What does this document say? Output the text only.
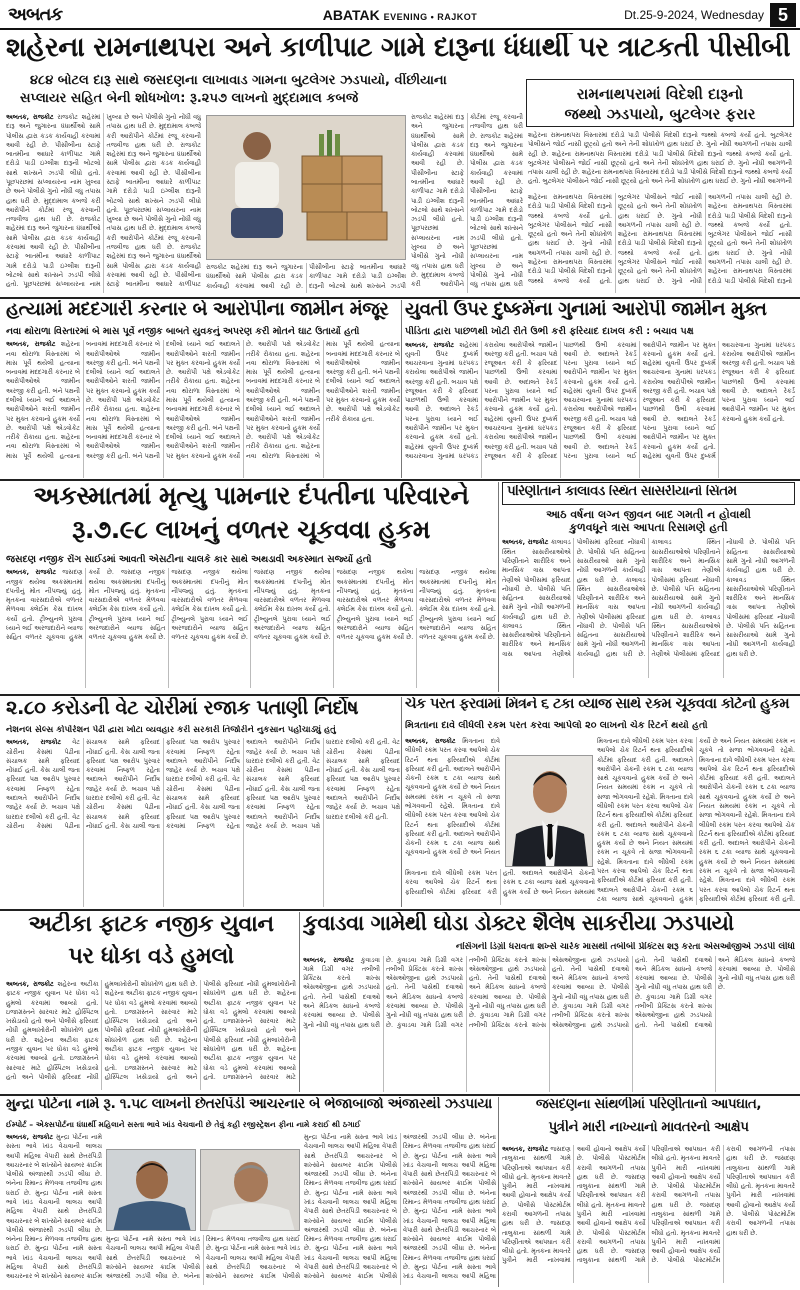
અબતક	ABATAK EVENING • RAJKOT	Dt.25-9-2024, Wednesday 5
શહેરના રામનાથપરા અને કાળીપાટ ગામે દારૂના ધંધાર્થી પર ત્રાટકતી પીસીબી
૪૮૪ બોટલ દારૂ સાથે જસદણના લાખાવાડ ગામના બુટલેગર ઝડપાયો, વીંછીયાના
સપ્લાયર સહિત બેની શોધખોળ: રૂ.૨૫૭ લાખનો મુદ્દામાલ કબજે
અબતક, રાજકોટ રાજકોટ શહેરમાં દારૂ અને જુગારના ધંધાર્થીઓ સામે પોલીસ દ્વારા કડક કાર્યવાહી કરવામાં આવી રહી છે. પીસીબીના સ્ટાફે બાતમીના આધારે કાળીપાટ ગામે દરોડો પાડી ઇંગ્લીશ દારૂની બોટલો સાથે શખ્સને ઝડપી લીધો હતો. પૂછપરછમાં સપ્લાયરના નામ ખુલ્યા છે અને પોલીસે ગુનો નોંધી વધુ તપાસ હાથ ધરી છે. મુદ્દામાલ કબજે કરી આરોપીને કોર્ટમાં રજૂ કરવાની તજવીજ હાથ ધરી છે. રાજકોટ શહેરમાં દારૂ અને જુગારના ધંધાર્થીઓ સામે પોલીસ દ્વારા કડક કાર્યવાહી કરવામાં આવી રહી છે. પીસીબીના સ્ટાફે બાતમીના આધારે કાળીપાટ ગામે દરોડો પાડી ઇંગ્લીશ દારૂની બોટલો સાથે શખ્સને ઝડપી લીધો હતો. પૂછપરછમાં સપ્લાયરના નામ ખુલ્યા છે અને પોલીસે ગુનો નોંધી વધુ તપાસ હાથ ધરી છે. મુદ્દામાલ કબજે કરી આરોપીને કોર્ટમાં રજૂ કરવાની તજવીજ હાથ ધરી છે. રાજકોટ શહેરમાં દારૂ અને જુગારના ધંધાર્થીઓ સામે પોલીસ દ્વારા કડક કાર્યવાહી કરવામાં આવી રહી છે. પીસીબીના સ્ટાફે બાતમીના આધારે કાળીપાટ ગામે દરોડો પાડી ઇંગ્લીશ દારૂની બોટલો સાથે શખ્સને ઝડપી લીધો હતો. પૂછપરછમાં સપ્લાયરના નામ ખુલ્યા છે અને પોલીસે ગુનો નોંધી વધુ તપાસ હાથ ધરી છે. મુદ્દામાલ કબજે કરી આરોપીને કોર્ટમાં રજૂ કરવાની તજવીજ હાથ ધરી છે. રાજકોટ શહેરમાં દારૂ અને જુગારના ધંધાર્થીઓ સામે પોલીસ દ્વારા કડક કાર્યવાહી કરવામાં આવી રહી છે. પીસીબીના સ્ટાફે બાતમીના આધારે કાળીપાટ
રાજકોટ શહેરમાં દારૂ અને જુગારના ધંધાર્થીઓ સામે પોલીસ દ્વારા કડક કાર્યવાહી કરવામાં આવી રહી છે. પીસીબીના સ્ટાફે બાતમીના આધારે કાળીપાટ ગામે દરોડો પાડી ઇંગ્લીશ દારૂની બોટલો સાથે શખ્સને ઝડપી
રાજકોટ શહેરમાં દારૂ અને જુગારના ધંધાર્થીઓ સામે પોલીસ દ્વારા કડક કાર્યવાહી કરવામાં આવી રહી છે. પીસીબીના સ્ટાફે બાતમીના આધારે કાળીપાટ ગામે દરોડો પાડી ઇંગ્લીશ દારૂની બોટલો સાથે શખ્સને ઝડપી લીધો હતો. પૂછપરછમાં સપ્લાયરના નામ ખુલ્યા છે અને પોલીસે ગુનો નોંધી વધુ તપાસ હાથ ધરી છે. મુદ્દામાલ કબજે કરી આરોપીને કોર્ટમાં રજૂ કરવાની તજવીજ હાથ ધરી છે. રાજકોટ શહેરમાં દારૂ અને જુગારના ધંધાર્થીઓ સામે પોલીસ દ્વારા કડક કાર્યવાહી કરવામાં આવી રહી છે. પીસીબીના સ્ટાફે બાતમીના આધારે કાળીપાટ ગામે દરોડો પાડી ઇંગ્લીશ દારૂની બોટલો સાથે શખ્સને ઝડપી લીધો હતો. પૂછપરછમાં સપ્લાયરના નામ ખુલ્યા છે અને પોલીસે ગુનો નોંધી વધુ તપાસ હાથ ધરી
રામનાથપરામાં વિદેશી દારૂનો
જથ્થો ઝડપાયો, બુટલેગર ફરાર
શહેરના રામનાથપરા વિસ્તારમાં દરોડો પાડી પોલીસે વિદેશી દારૂનો જથ્થો કબજે કર્યો હતો. બુટલેગર પોલીસને જોઈ નાસી છૂટ્યો હતો અને તેની શોધખોળ હાથ ધરાઈ છે. ગુનો નોંધી આગળની તપાસ ચાલી રહી છે. શહેરના રામનાથપરા વિસ્તારમાં દરોડો પાડી પોલીસે વિદેશી દારૂનો જથ્થો કબજે કર્યો હતો. બુટલેગર પોલીસને જોઈ નાસી છૂટ્યો હતો અને તેની શોધખોળ હાથ ધરાઈ છે. ગુનો નોંધી આગળની તપાસ ચાલી રહી છે. શહેરના રામનાથપરા વિસ્તારમાં દરોડો પાડી પોલીસે વિદેશી દારૂનો જથ્થો કબજે કર્યો હતો. બુટલેગર પોલીસને જોઈ નાસી છૂટ્યો હતો અને તેની શોધખોળ હાથ ધરાઈ છે. ગુનો નોંધી આગળની
શહેરના રામનાથપરા વિસ્તારમાં દરોડો પાડી પોલીસે વિદેશી દારૂનો જથ્થો કબજે કર્યો હતો. બુટલેગર પોલીસને જોઈ નાસી છૂટ્યો હતો અને તેની શોધખોળ હાથ ધરાઈ છે. ગુનો નોંધી આગળની તપાસ ચાલી રહી છે. શહેરના રામનાથપરા વિસ્તારમાં દરોડો પાડી પોલીસે વિદેશી દારૂનો જથ્થો કબજે કર્યો હતો. બુટલેગર પોલીસને જોઈ નાસી છૂટ્યો હતો અને તેની શોધખોળ હાથ ધરાઈ છે. ગુનો નોંધી આગળની તપાસ ચાલી રહી છે. શહેરના રામનાથપરા વિસ્તારમાં દરોડો પાડી પોલીસે વિદેશી દારૂનો જથ્થો કબજે કર્યો હતો. બુટલેગર પોલીસને જોઈ નાસી છૂટ્યો હતો અને તેની શોધખોળ હાથ ધરાઈ છે. ગુનો નોંધી આગળની તપાસ ચાલી રહી છે. શહેરના રામનાથપરા વિસ્તારમાં દરોડો પાડી પોલીસે વિદેશી દારૂનો જથ્થો કબજે કર્યો હતો. બુટલેગર પોલીસને જોઈ નાસી છૂટ્યો હતો અને તેની શોધખોળ હાથ ધરાઈ છે. ગુનો નોંધી આગળની તપાસ ચાલી રહી છે. શહેરના રામનાથપરા વિસ્તારમાં દરોડો પાડી પોલીસે વિદેશી દારૂનો
હત્યામાં મદદગારી કરનાર બે આરોપીના જામીન મંજૂર
નવા થોરાળા વિસ્તારમાં બે માસ પૂર્વે નજીક બાબતે યુવકનું અપરણ કરી મોતને ઘાટ ઉતાર્યો હતો
અબતક, રાજકોટ શહેરના નવા થોરાળા વિસ્તારમાં બે માસ પૂર્વે થયેલી હત્યાના બનાવમાં મદદગારી કરનાર બે આરોપીઓએ જામીન અરજી કરી હતી. બંને પક્ષની દલીલો ધ્યાને લઈ અદાલતે આરોપીઓને શરતી જામીન પર મુક્ત કરવાનો હુકમ કર્યો છે. આરોપી પક્ષે એડવોકેટ તરીકે રોકાયા હતા. શહેરના નવા થોરાળા વિસ્તારમાં બે માસ પૂર્વે થયેલી હત્યાના બનાવમાં મદદગારી કરનાર બે આરોપીઓએ જામીન અરજી કરી હતી. બંને પક્ષની દલીલો ધ્યાને લઈ અદાલતે આરોપીઓને શરતી જામીન પર મુક્ત કરવાનો હુકમ કર્યો છે. આરોપી પક્ષે એડવોકેટ તરીકે રોકાયા હતા. શહેરના નવા થોરાળા વિસ્તારમાં બે માસ પૂર્વે થયેલી હત્યાના બનાવમાં મદદગારી કરનાર બે આરોપીઓએ જામીન અરજી કરી હતી. બંને પક્ષની દલીલો ધ્યાને લઈ અદાલતે આરોપીઓને શરતી જામીન પર મુક્ત કરવાનો હુકમ કર્યો છે. આરોપી પક્ષે એડવોકેટ તરીકે રોકાયા હતા. શહેરના નવા થોરાળા વિસ્તારમાં બે માસ પૂર્વે થયેલી હત્યાના બનાવમાં મદદગારી કરનાર બે આરોપીઓએ જામીન અરજી કરી હતી. બંને પક્ષની દલીલો ધ્યાને લઈ અદાલતે આરોપીઓને શરતી જામીન પર મુક્ત કરવાનો હુકમ કર્યો છે. આરોપી પક્ષે એડવોકેટ તરીકે રોકાયા હતા. શહેરના નવા થોરાળા વિસ્તારમાં બે માસ પૂર્વે થયેલી હત્યાના બનાવમાં મદદગારી કરનાર બે આરોપીઓએ જામીન અરજી કરી હતી. બંને પક્ષની દલીલો ધ્યાને લઈ અદાલતે આરોપીઓને શરતી જામીન પર મુક્ત કરવાનો હુકમ કર્યો છે. આરોપી પક્ષે એડવોકેટ તરીકે રોકાયા હતા. શહેરના નવા થોરાળા વિસ્તારમાં બે માસ પૂર્વે થયેલી હત્યાના બનાવમાં મદદગારી કરનાર બે આરોપીઓએ જામીન અરજી કરી હતી. બંને પક્ષની દલીલો ધ્યાને લઈ અદાલતે આરોપીઓને શરતી જામીન પર મુક્ત કરવાનો હુકમ કર્યો છે. આરોપી પક્ષે એડવોકેટ તરીકે રોકાયા હતા.
યુવતી ઉપર દુષ્કર્મના ગુનામાં આરોપી જામીન મુક્ત
પીડિતા દ્વારા પાછળથી ખોટી રીતે ઉભી કરી ફરિયાદ દાખલ કરી : બચાવ પક્ષ
અબતક, રાજકોટ શહેરમાં યુવતી ઉપર દુષ્કર્મ આચરવાના ગુનામાં ધરપકડ કરાયેલા આરોપીએ જામીન અરજી કરી હતી. બચાવ પક્ષે રજૂઆત કરી કે ફરિયાદ પાછળથી ઉભી કરવામાં આવી છે. અદાલતે રેકર્ડ પરના પુરાવા ધ્યાને લઈ આરોપીને જામીન પર મુક્ત કરવાનો હુકમ કર્યો હતો. શહેરમાં યુવતી ઉપર દુષ્કર્મ આચરવાના ગુનામાં ધરપકડ કરાયેલા આરોપીએ જામીન અરજી કરી હતી. બચાવ પક્ષે રજૂઆત કરી કે ફરિયાદ પાછળથી ઉભી કરવામાં આવી છે. અદાલતે રેકર્ડ પરના પુરાવા ધ્યાને લઈ આરોપીને જામીન પર મુક્ત કરવાનો હુકમ કર્યો હતો. શહેરમાં યુવતી ઉપર દુષ્કર્મ આચરવાના ગુનામાં ધરપકડ કરાયેલા આરોપીએ જામીન અરજી કરી હતી. બચાવ પક્ષે રજૂઆત કરી કે ફરિયાદ પાછળથી ઉભી કરવામાં આવી છે. અદાલતે રેકર્ડ પરના પુરાવા ધ્યાને લઈ આરોપીને જામીન પર મુક્ત કરવાનો હુકમ કર્યો હતો. શહેરમાં યુવતી ઉપર દુષ્કર્મ આચરવાના ગુનામાં ધરપકડ કરાયેલા આરોપીએ જામીન અરજી કરી હતી. બચાવ પક્ષે રજૂઆત કરી કે ફરિયાદ પાછળથી ઉભી કરવામાં આવી છે. અદાલતે રેકર્ડ પરના પુરાવા ધ્યાને લઈ આરોપીને જામીન પર મુક્ત કરવાનો હુકમ કર્યો હતો. શહેરમાં યુવતી ઉપર દુષ્કર્મ આચરવાના ગુનામાં ધરપકડ કરાયેલા આરોપીએ જામીન અરજી કરી હતી. બચાવ પક્ષે રજૂઆત કરી કે ફરિયાદ પાછળથી ઉભી કરવામાં આવી છે. અદાલતે રેકર્ડ પરના પુરાવા ધ્યાને લઈ આરોપીને જામીન પર મુક્ત કરવાનો હુકમ કર્યો હતો. શહેરમાં યુવતી ઉપર દુષ્કર્મ આચરવાના ગુનામાં ધરપકડ કરાયેલા આરોપીએ જામીન અરજી કરી હતી. બચાવ પક્ષે રજૂઆત કરી કે ફરિયાદ પાછળથી ઉભી કરવામાં આવી છે. અદાલતે રેકર્ડ પરના પુરાવા ધ્યાને લઈ આરોપીને જામીન પર મુક્ત કરવાનો હુકમ કર્યો હતો.
અકસ્માતમાં મૃત્યુ પામનાર દંપતીના પરિવારને
રૂ.૭.૯૮ લાખનું વળતર ચૂકવવા હુકમ
જસદણ નજીક રોંગ સાઈડમાં આવતી એસટીના ચાલકે કાર સાથે અથડાવી અકસ્માત સર્જ્યો હતો
અબતક, રાજકોટ જસદણ નજીક થયેલા અકસ્માતમાં દંપતીનું મોત નીપજ્યું હતું. મૃતકના વારસદારોએ વળતર મેળવવા ક્લેઈમ કેસ દાખલ કર્યો હતો. ટ્રીબ્યુનલે પુરાવા ધ્યાને લઈ અરજદારોને વ્યાજ સહિત વળતર ચૂકવવા હુકમ કર્યો છે. જસદણ નજીક થયેલા અકસ્માતમાં દંપતીનું મોત નીપજ્યું હતું. મૃતકના વારસદારોએ વળતર મેળવવા ક્લેઈમ કેસ દાખલ કર્યો હતો. ટ્રીબ્યુનલે પુરાવા ધ્યાને લઈ અરજદારોને વ્યાજ સહિત વળતર ચૂકવવા હુકમ કર્યો છે. જસદણ નજીક થયેલા અકસ્માતમાં દંપતીનું મોત નીપજ્યું હતું. મૃતકના વારસદારોએ વળતર મેળવવા ક્લેઈમ કેસ દાખલ કર્યો હતો. ટ્રીબ્યુનલે પુરાવા ધ્યાને લઈ અરજદારોને વ્યાજ સહિત વળતર ચૂકવવા હુકમ કર્યો છે. જસદણ નજીક થયેલા અકસ્માતમાં દંપતીનું મોત નીપજ્યું હતું. મૃતકના વારસદારોએ વળતર મેળવવા ક્લેઈમ કેસ દાખલ કર્યો હતો. ટ્રીબ્યુનલે પુરાવા ધ્યાને લઈ અરજદારોને વ્યાજ સહિત વળતર ચૂકવવા હુકમ કર્યો છે. જસદણ નજીક થયેલા અકસ્માતમાં દંપતીનું મોત નીપજ્યું હતું. મૃતકના વારસદારોએ વળતર મેળવવા ક્લેઈમ કેસ દાખલ કર્યો હતો. ટ્રીબ્યુનલે પુરાવા ધ્યાને લઈ અરજદારોને વ્યાજ સહિત વળતર ચૂકવવા હુકમ કર્યો છે. જસદણ નજીક થયેલા અકસ્માતમાં દંપતીનું મોત નીપજ્યું હતું. મૃતકના વારસદારોએ વળતર મેળવવા ક્લેઈમ કેસ દાખલ કર્યો હતો. ટ્રીબ્યુનલે પુરાવા ધ્યાને લઈ અરજદારોને વ્યાજ સહિત વળતર ચૂકવવા હુકમ કર્યો છે.
પરિણીતાને કાલાવડ સ્થિત સાસરીયાનો સિતમ
આઠ વર્ષના લગ્ન જીવન બાદ ગમતી ન હોવાથી
કુળવધૂને ત્રાસ આપતા રિસામણે હતી
અબતક, રાજકોટ કાલાવડ સ્થિત સાસરીયાઓએ પરિણીતાને શારીરિક અને માનસિક ત્રાસ આપતા તેણીએ પોલીસમાં ફરિયાદ નોંધાવી છે. પોલીસે પતિ સહિતના સાસરીયાઓ સામે ગુનો નોંધી આગળની કાર્યવાહી હાથ ધરી છે. કાલાવડ સ્થિત સાસરીયાઓએ પરિણીતાને શારીરિક અને માનસિક ત્રાસ આપતા તેણીએ પોલીસમાં ફરિયાદ નોંધાવી છે. પોલીસે પતિ સહિતના સાસરીયાઓ સામે ગુનો નોંધી આગળની કાર્યવાહી હાથ ધરી છે. કાલાવડ સ્થિત સાસરીયાઓએ પરિણીતાને શારીરિક અને માનસિક ત્રાસ આપતા તેણીએ પોલીસમાં ફરિયાદ નોંધાવી છે. પોલીસે પતિ સહિતના સાસરીયાઓ સામે ગુનો નોંધી આગળની કાર્યવાહી હાથ ધરી છે. કાલાવડ સ્થિત સાસરીયાઓએ પરિણીતાને શારીરિક અને માનસિક ત્રાસ આપતા તેણીએ પોલીસમાં ફરિયાદ નોંધાવી છે. પોલીસે પતિ સહિતના સાસરીયાઓ સામે ગુનો નોંધી આગળની કાર્યવાહી હાથ ધરી છે. કાલાવડ સ્થિત સાસરીયાઓએ પરિણીતાને શારીરિક અને માનસિક ત્રાસ આપતા તેણીએ પોલીસમાં ફરિયાદ નોંધાવી છે. પોલીસે પતિ સહિતના સાસરીયાઓ સામે ગુનો નોંધી આગળની કાર્યવાહી હાથ ધરી છે. કાલાવડ સ્થિત સાસરીયાઓએ પરિણીતાને શારીરિક અને માનસિક ત્રાસ આપતા તેણીએ પોલીસમાં ફરિયાદ નોંધાવી છે. પોલીસે પતિ સહિતના સાસરીયાઓ સામે ગુનો નોંધી આગળની કાર્યવાહી હાથ ધરી છે.
૨.૮૦ કરોડની વેટ ચોરીમાં રજાક પતાણી નિર્દોષ
નેશનલ સેલ્સ કોર્પોરેશન પેઢી દ્વારા ખોટા વ્યવહાર કરી સરકારી તિજોરીને નુકસાન પહોંચાડ્યું હતું
અબતક, રાજકોટ વેટ ચોરીના કેસમાં પેઢીના સંચાલક સામે ફરિયાદ નોંધાઈ હતી. કેસ ચાલી જતા ફરિયાદ પક્ષ આરોપ પુરવાર કરવામાં નિષ્ફળ રહેતા અદાલતે આરોપીને નિર્દોષ જાહેર કર્યા છે. બચાવ પક્ષે ધારદાર દલીલો કરી હતી. વેટ ચોરીના કેસમાં પેઢીના સંચાલક સામે ફરિયાદ નોંધાઈ હતી. કેસ ચાલી જતા ફરિયાદ પક્ષ આરોપ પુરવાર કરવામાં નિષ્ફળ રહેતા અદાલતે આરોપીને નિર્દોષ જાહેર કર્યા છે. બચાવ પક્ષે ધારદાર દલીલો કરી હતી. વેટ ચોરીના કેસમાં પેઢીના સંચાલક સામે ફરિયાદ નોંધાઈ હતી. કેસ ચાલી જતા ફરિયાદ પક્ષ આરોપ પુરવાર કરવામાં નિષ્ફળ રહેતા અદાલતે આરોપીને નિર્દોષ જાહેર કર્યા છે. બચાવ પક્ષે ધારદાર દલીલો કરી હતી. વેટ ચોરીના કેસમાં પેઢીના સંચાલક સામે ફરિયાદ નોંધાઈ હતી. કેસ ચાલી જતા ફરિયાદ પક્ષ આરોપ પુરવાર કરવામાં નિષ્ફળ રહેતા અદાલતે આરોપીને નિર્દોષ જાહેર કર્યા છે. બચાવ પક્ષે ધારદાર દલીલો કરી હતી. વેટ ચોરીના કેસમાં પેઢીના સંચાલક સામે ફરિયાદ નોંધાઈ હતી. કેસ ચાલી જતા ફરિયાદ પક્ષ આરોપ પુરવાર કરવામાં નિષ્ફળ રહેતા અદાલતે આરોપીને નિર્દોષ જાહેર કર્યા છે. બચાવ પક્ષે ધારદાર દલીલો કરી હતી. વેટ ચોરીના કેસમાં પેઢીના સંચાલક સામે ફરિયાદ નોંધાઈ હતી. કેસ ચાલી જતા ફરિયાદ પક્ષ આરોપ પુરવાર કરવામાં નિષ્ફળ રહેતા અદાલતે આરોપીને નિર્દોષ જાહેર કર્યા છે. બચાવ પક્ષે ધારદાર દલીલો કરી હતી.
ચેક પરત ફરવામાં મિત્રને ૬ ટકા વ્યાજ સાથે રકમ ચૂકવવા કોર્ટનો હુકમ
મિત્રતાના દાવે લીધેલી રકમ પરત કરવા આપેલો ૨૦ લાખનો ચેક રિટર્ન થયો હતો
અબતક, રાજકોટ મિત્રતાના દાવે લીધેલી રકમ પરત કરવા આપેલો ચેક રિટર્ન થતા ફરિયાદીએ કોર્ટમાં ફરિયાદ કરી હતી. અદાલતે આરોપીને ચેકની રકમ ૬ ટકા વ્યાજ સાથે ચૂકવવાનો હુકમ કર્યો છે અને નિયત સમયમાં રકમ ન ચૂકવે તો સજા ભોગવવાની રહેશે. મિત્રતાના દાવે લીધેલી રકમ પરત કરવા આપેલો ચેક રિટર્ન થતા ફરિયાદીએ કોર્ટમાં ફરિયાદ કરી હતી. અદાલતે આરોપીને ચેકની રકમ ૬ ટકા વ્યાજ સાથે ચૂકવવાનો હુકમ કર્યો છે અને નિયત
મિત્રતાના દાવે લીધેલી રકમ પરત કરવા આપેલો ચેક રિટર્ન થતા ફરિયાદીએ કોર્ટમાં ફરિયાદ કરી હતી. અદાલતે આરોપીને ચેકની રકમ ૬ ટકા વ્યાજ સાથે ચૂકવવાનો હુકમ કર્યો છે અને નિયત સમયમાં રકમ ન ચૂકવે તો સજા ભોગવવાની રહેશે. મિત્રતાના દાવે લીધેલી રકમ પરત કરવા આપેલો ચેક રિટર્ન થતા ફરિયાદીએ કોર્ટમાં ફરિયાદ કરી હતી. અદાલતે આરોપીને ચેકની રકમ ૬ ટકા વ્યાજ સાથે ચૂકવવાનો હુકમ કર્યો છે અને નિયત સમયમાં રકમ ન ચૂકવે તો સજા ભોગવવાની રહેશે. મિત્રતાના દાવે લીધેલી રકમ પરત કરવા આપેલો ચેક રિટર્ન થતા ફરિયાદીએ કોર્ટમાં ફરિયાદ કરી હતી. અદાલતે આરોપીને ચેકની રકમ ૬ ટકા વ્યાજ સાથે ચૂકવવાનો હુકમ કર્યો છે અને નિયત સમયમાં રકમ ન ચૂકવે તો સજા ભોગવવાની રહેશે. મિત્રતાના દાવે લીધેલી રકમ પરત કરવા આપેલો ચેક રિટર્ન થતા ફરિયાદીએ કોર્ટમાં ફરિયાદ કરી હતી. અદાલતે આરોપીને ચેકની રકમ ૬ ટકા વ્યાજ સાથે ચૂકવવાનો હુકમ કર્યો છે અને નિયત સમયમાં રકમ ન ચૂકવે તો સજા ભોગવવાની રહેશે. મિત્રતાના દાવે લીધેલી રકમ પરત કરવા આપેલો ચેક રિટર્ન થતા ફરિયાદીએ કોર્ટમાં ફરિયાદ કરી હતી. અદાલતે આરોપીને ચેકની રકમ ૬ ટકા વ્યાજ સાથે ચૂકવવાનો હુકમ કર્યો છે અને નિયત સમયમાં રકમ ન ચૂકવે તો સજા ભોગવવાની રહેશે. મિત્રતાના દાવે લીધેલી રકમ પરત કરવા આપેલો ચેક રિટર્ન થતા ફરિયાદીએ કોર્ટમાં ફરિયાદ કરી હતી.
મિત્રતાના દાવે લીધેલી રકમ પરત કરવા આપેલો ચેક રિટર્ન થતા ફરિયાદીએ કોર્ટમાં ફરિયાદ કરી હતી. અદાલતે આરોપીને ચેકની રકમ ૬ ટકા વ્યાજ સાથે ચૂકવવાનો હુકમ કર્યો છે અને નિયત સમયમાં
અટીકા ફાટક નજીક યુવાન
પર ધોકા વડે હુમલો
અબતક, રાજકોટ શહેરના અટીકા ફાટક નજીક યુવાન પર ધોકા વડે હુમલો કરવામાં આવ્યો હતો. ઇજાગ્રસ્તને સારવાર માટે હોસ્પિટલ ખસેડાયો હતો અને પોલીસે ફરિયાદ નોંધી હુમલાખોરોની શોધખોળ હાથ ધરી છે. શહેરના અટીકા ફાટક નજીક યુવાન પર ધોકા વડે હુમલો કરવામાં આવ્યો હતો. ઇજાગ્રસ્તને સારવાર માટે હોસ્પિટલ ખસેડાયો હતો અને પોલીસે ફરિયાદ નોંધી હુમલાખોરોની શોધખોળ હાથ ધરી છે. શહેરના અટીકા ફાટક નજીક યુવાન પર ધોકા વડે હુમલો કરવામાં આવ્યો હતો. ઇજાગ્રસ્તને સારવાર માટે હોસ્પિટલ ખસેડાયો હતો અને પોલીસે ફરિયાદ નોંધી હુમલાખોરોની શોધખોળ હાથ ધરી છે. શહેરના અટીકા ફાટક નજીક યુવાન પર ધોકા વડે હુમલો કરવામાં આવ્યો હતો. ઇજાગ્રસ્તને સારવાર માટે હોસ્પિટલ ખસેડાયો હતો અને પોલીસે ફરિયાદ નોંધી હુમલાખોરોની શોધખોળ હાથ ધરી છે. શહેરના અટીકા ફાટક નજીક યુવાન પર ધોકા વડે હુમલો કરવામાં આવ્યો હતો. ઇજાગ્રસ્તને સારવાર માટે હોસ્પિટલ ખસેડાયો હતો અને પોલીસે ફરિયાદ નોંધી હુમલાખોરોની શોધખોળ હાથ ધરી છે. શહેરના અટીકા ફાટક નજીક યુવાન પર ધોકા વડે હુમલો કરવામાં આવ્યો હતો. ઇજાગ્રસ્તને સારવાર માટે
કુવાડવા ગામેથી ઘોડા ડોક્ટર શૈલેષ સાકરીયા ઝડપાયો
નર્સિંગની ડિગ્રી ધરાવતા શખ્સે ચારેક માસથી તબીબી પ્રેક્ટિસ શરૂ કરતા એસઓજીએ ઝડપી લીધો
અબતક, રાજકોટ કુવાડવા ગામે ડિગ્રી વગર તબીબી પ્રેક્ટિસ કરતો શખ્સ એસઓજીના હાથે ઝડપાયો હતો. તેની પાસેથી દવાઓ અને મેડિકલ સાધનો કબજે કરવામાં આવ્યા છે. પોલીસે ગુનો નોંધી વધુ તપાસ હાથ ધરી છે. કુવાડવા ગામે ડિગ્રી વગર તબીબી પ્રેક્ટિસ કરતો શખ્સ એસઓજીના હાથે ઝડપાયો હતો. તેની પાસેથી દવાઓ અને મેડિકલ સાધનો કબજે કરવામાં આવ્યા છે. પોલીસે ગુનો નોંધી વધુ તપાસ હાથ ધરી છે. કુવાડવા ગામે ડિગ્રી વગર તબીબી પ્રેક્ટિસ કરતો શખ્સ એસઓજીના હાથે ઝડપાયો હતો. તેની પાસેથી દવાઓ અને મેડિકલ સાધનો કબજે કરવામાં આવ્યા છે. પોલીસે ગુનો નોંધી વધુ તપાસ હાથ ધરી છે. કુવાડવા ગામે ડિગ્રી વગર તબીબી પ્રેક્ટિસ કરતો શખ્સ એસઓજીના હાથે ઝડપાયો હતો. તેની પાસેથી દવાઓ અને મેડિકલ સાધનો કબજે કરવામાં આવ્યા છે. પોલીસે ગુનો નોંધી વધુ તપાસ હાથ ધરી છે. કુવાડવા ગામે ડિગ્રી વગર તબીબી પ્રેક્ટિસ કરતો શખ્સ એસઓજીના હાથે ઝડપાયો હતો. તેની પાસેથી દવાઓ અને મેડિકલ સાધનો કબજે કરવામાં આવ્યા છે. પોલીસે ગુનો નોંધી વધુ તપાસ હાથ ધરી છે. કુવાડવા ગામે ડિગ્રી વગર તબીબી પ્રેક્ટિસ કરતો શખ્સ એસઓજીના હાથે ઝડપાયો હતો. તેની પાસેથી દવાઓ અને મેડિકલ સાધનો કબજે કરવામાં આવ્યા છે. પોલીસે ગુનો નોંધી વધુ તપાસ હાથ ધરી છે.
મુન્દ્રા પોર્ટના નામે રૂ. ૧.૫૮ લાખની છેતરપિંડી આચરનાર બે ભેજાબાજો અંજારથી ઝડપાયા
ઈમ્પોર્ટ – એક્સપોર્ટના ધંધાર્થી મહિલાને સસ્તા ભાવે ખાંડ વેચવાની છે તેવું કહી રજીસ્ટ્રેશન ફીના નામે કરાઈ થી ઠગાઈ
અબતક, રાજકોટ મુન્દ્રા પોર્ટના નામે સસ્તા ભાવે ખાંડ વેચવાની લાલચ આપી મહિલા વેપારી સાથે છેતરપિંડી આચરનાર બે શખ્સોને સાયબર ક્રાઈમ પોલીસે અંજારથી ઝડપી લીધા છે. બંનેના રિમાન્ડ મેળવવા તજવીજ હાથ ધરાઈ છે. મુન્દ્રા પોર્ટના નામે સસ્તા ભાવે ખાંડ વેચવાની લાલચ આપી મહિલા વેપારી સાથે છેતરપિંડી આચરનાર બે શખ્સોને સાયબર ક્રાઈમ પોલીસે અંજારથી ઝડપી લીધા છે. બંનેના રિમાન્ડ મેળવવા તજવીજ હાથ ધરાઈ છે. મુન્દ્રા પોર્ટના નામે સસ્તા ભાવે ખાંડ વેચવાની લાલચ આપી મહિલા વેપારી સાથે છેતરપિંડી આચરનાર બે શખ્સોને સાયબર ક્રાઈમ
મુન્દ્રા પોર્ટના નામે સસ્તા ભાવે ખાંડ વેચવાની લાલચ આપી મહિલા વેપારી સાથે છેતરપિંડી આચરનાર બે શખ્સોને સાયબર ક્રાઈમ પોલીસે અંજારથી ઝડપી લીધા છે. બંનેના રિમાન્ડ મેળવવા તજવીજ હાથ ધરાઈ છે. મુન્દ્રા પોર્ટના નામે સસ્તા ભાવે ખાંડ વેચવાની લાલચ આપી મહિલા વેપારી સાથે છેતરપિંડી આચરનાર બે શખ્સોને સાયબર ક્રાઈમ પોલીસે અંજારથી ઝડપી લીધા છે. બંનેના રિમાન્ડ મેળવવા તજવીજ હાથ ધરાઈ છે. મુન્દ્રા પોર્ટના નામે સસ્તા ભાવે ખાંડ વેચવાની લાલચ આપી મહિલા વેપારી સાથે છેતરપિંડી આચરનાર બે શખ્સોને સાયબર ક્રાઈમ પોલીસે અંજારથી ઝડપી લીધા છે. બંનેના રિમાન્ડ મેળવવા તજવીજ હાથ ધરાઈ છે. મુન્દ્રા પોર્ટના નામે સસ્તા ભાવે ખાંડ વેચવાની લાલચ આપી મહિલા વેપારી સાથે છેતરપિંડી આચરનાર બે શખ્સોને સાયબર ક્રાઈમ પોલીસે અંજારથી ઝડપી લીધા છે. બંનેના રિમાન્ડ મેળવવા તજવીજ હાથ ધરાઈ છે. મુન્દ્રા પોર્ટના નામે સસ્તા ભાવે ખાંડ વેચવાની લાલચ આપી મહિલા વેપારી સાથે છેતરપિંડી આચરનાર બે શખ્સોને સાયબર ક્રાઈમ પોલીસે અંજારથી ઝડપી લીધા છે. બંનેના રિમાન્ડ મેળવવા તજવીજ હાથ ધરાઈ છે. મુન્દ્રા પોર્ટના નામે સસ્તા ભાવે ખાંડ વેચવાની લાલચ આપી મહિલા
મુન્દ્રા પોર્ટના નામે સસ્તા ભાવે ખાંડ વેચવાની લાલચ આપી મહિલા વેપારી સાથે છેતરપિંડી આચરનાર બે શખ્સોને સાયબર ક્રાઈમ પોલીસે અંજારથી ઝડપી લીધા છે. બંનેના રિમાન્ડ મેળવવા તજવીજ હાથ ધરાઈ છે. મુન્દ્રા પોર્ટના નામે સસ્તા ભાવે ખાંડ વેચવાની લાલચ આપી મહિલા વેપારી સાથે છેતરપિંડી આચરનાર બે શખ્સોને સાયબર ક્રાઈમ પોલીસે
જસદણના સાંથળીમાં પરિણીતાનો આપઘાત,
પુત્રીને મારી નાખ્યાનો માવતરનો આક્ષેપ
અબતક, રાજકોટ જસદણ તાલુકાના સાંથળી ગામે પરિણીતાએ આપઘાત કરી લીધો હતો. મૃતકના માવતરે પુત્રીને મારી નાખવામાં આવી હોવાનો આક્ષેપ કર્યો છે. પોલીસે પોસ્ટમોર્ટમ કરાવી આગળની તપાસ હાથ ધરી છે. જસદણ તાલુકાના સાંથળી ગામે પરિણીતાએ આપઘાત કરી લીધો હતો. મૃતકના માવતરે પુત્રીને મારી નાખવામાં આવી હોવાનો આક્ષેપ કર્યો છે. પોલીસે પોસ્ટમોર્ટમ કરાવી આગળની તપાસ હાથ ધરી છે. જસદણ તાલુકાના સાંથળી ગામે પરિણીતાએ આપઘાત કરી લીધો હતો. મૃતકના માવતરે પુત્રીને મારી નાખવામાં આવી હોવાનો આક્ષેપ કર્યો છે. પોલીસે પોસ્ટમોર્ટમ કરાવી આગળની તપાસ હાથ ધરી છે. જસદણ તાલુકાના સાંથળી ગામે પરિણીતાએ આપઘાત કરી લીધો હતો. મૃતકના માવતરે પુત્રીને મારી નાખવામાં આવી હોવાનો આક્ષેપ કર્યો છે. પોલીસે પોસ્ટમોર્ટમ કરાવી આગળની તપાસ હાથ ધરી છે. જસદણ તાલુકાના સાંથળી ગામે પરિણીતાએ આપઘાત કરી લીધો હતો. મૃતકના માવતરે પુત્રીને મારી નાખવામાં આવી હોવાનો આક્ષેપ કર્યો છે. પોલીસે પોસ્ટમોર્ટમ કરાવી આગળની તપાસ હાથ ધરી છે. જસદણ તાલુકાના સાંથળી ગામે પરિણીતાએ આપઘાત કરી લીધો હતો. મૃતકના માવતરે પુત્રીને મારી નાખવામાં આવી હોવાનો આક્ષેપ કર્યો છે. પોલીસે પોસ્ટમોર્ટમ કરાવી આગળની તપાસ હાથ ધરી છે.
